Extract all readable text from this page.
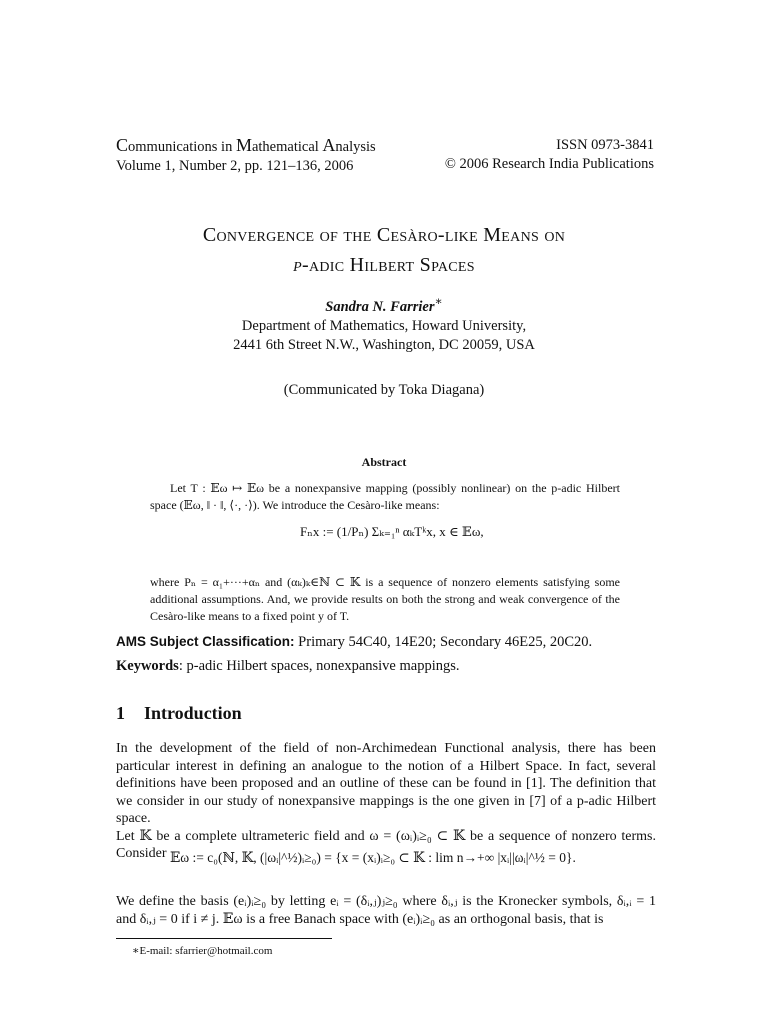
Communications in Mathematical Analysis
Volume 1, Number 2, pp. 121–136, 2006
ISSN 0973-3841
© 2006 Research India Publications
Convergence of the Cesàro-like Means on
p-adic Hilbert Spaces
Sandra N. Farrier∗
Department of Mathematics, Howard University,
2441 6th Street N.W., Washington, DC 20059, USA
(Communicated by Toka Diagana)
Abstract
Let T : 𝔼ω ↦ 𝔼ω be a nonexpansive mapping (possibly nonlinear) on the p-adic Hilbert space (𝔼ω, ‖ · ‖, ⟨·, ·⟩). We introduce the Cesàro-like means:
Fₙx := (1/Pₙ) Σₖ₌₁ⁿ αₖTᵏx, x ∈ 𝔼ω,
where Pₙ = α₁+···+αₙ and (αₖ)ₖ∈ℕ ⊂ 𝕂 is a sequence of nonzero elements satisfying some additional assumptions. And, we provide results on both the strong and weak convergence of the Cesàro-like means to a fixed point y of T.
AMS Subject Classification: Primary 54C40, 14E20; Secondary 46E25, 20C20.
Keywords: p-adic Hilbert spaces, nonexpansive mappings.
1 Introduction
In the development of the field of non-Archimedean Functional analysis, there has been particular interest in defining an analogue to the notion of a Hilbert Space. In fact, several definitions have been proposed and an outline of these can be found in [1]. The definition that we consider in our study of nonexpansive mappings is the one given in [7] of a p-adic Hilbert space.
Let 𝕂 be a complete ultrameteric field and ω = (ωᵢ)ᵢ≥₀ ⊂ 𝕂 be a sequence of nonzero terms. Consider 𝔼ω := c₀(ℕ, 𝕂, (|ωᵢ|^½)ᵢ≥₀) = {x = (xᵢ)ᵢ≥₀ ⊂ 𝕂 : lim n→+∞ |xᵢ||ωᵢ|^½ = 0}.
We define the basis (eᵢ)ᵢ≥₀ by letting eᵢ = (δᵢ,ⱼ)ⱼ≥₀ where δᵢ,ⱼ is the Kronecker symbols, δᵢ,ᵢ = 1 and δᵢ,ⱼ = 0 if i ≠ j. 𝔼ω is a free Banach space with (eᵢ)ᵢ≥₀ as an orthogonal basis, that is
∗E-mail: sfarrier@hotmail.com
